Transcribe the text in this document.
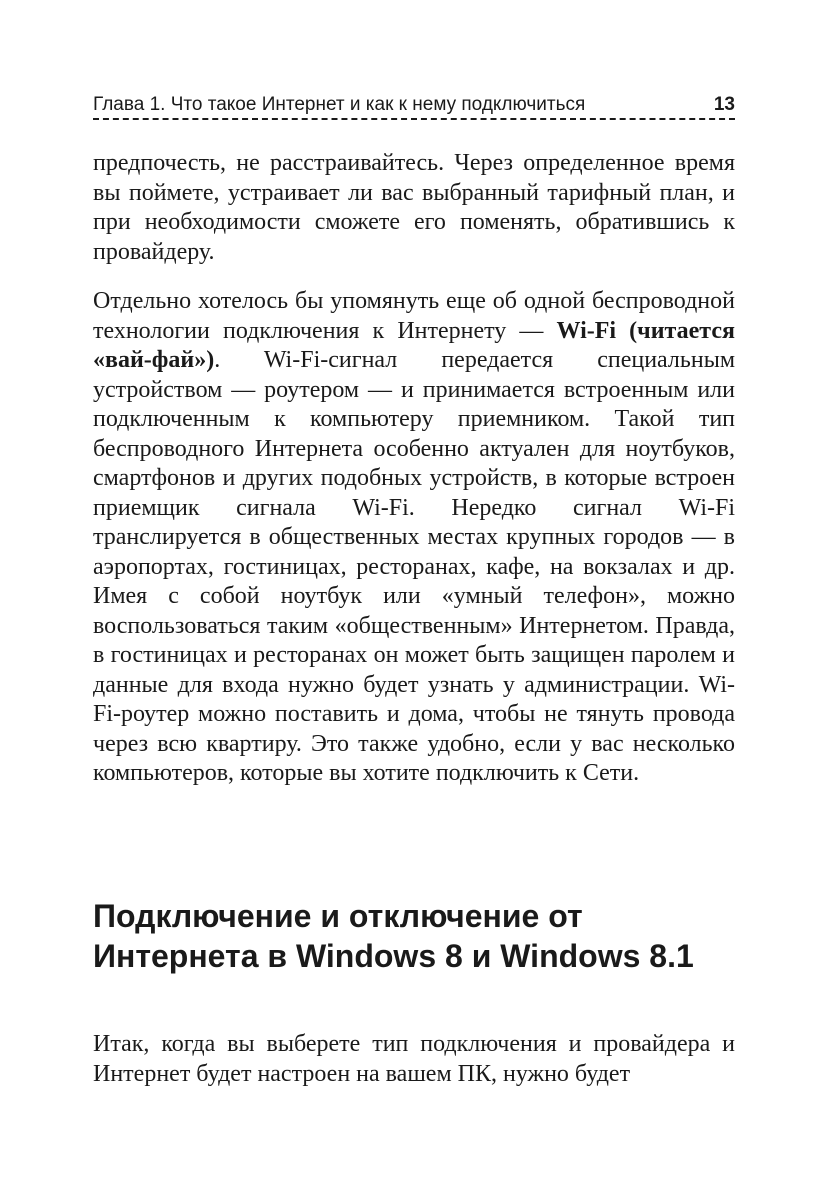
Глава 1. Что такое Интернет и как к нему подключиться	13

предпочесть, не расстраивайтесь. Через определенное время вы поймете, устраивает ли вас выбранный тарифный план, и при необходимости сможете его поменять, обратившись к провайдеру.

Отдельно хотелось бы упомянуть еще об одной беспроводной технологии подключения к Интернету — Wi-Fi (читается «вай-фай»). Wi-Fi-сигнал передается специальным устройством — роутером — и принимается встроенным или подключенным к компьютеру приемником. Такой тип беспроводного Интернета особенно актуален для ноутбуков, смартфонов и других подобных устройств, в которые встроен приемщик сигнала Wi-Fi. Нередко сигнал Wi-Fi транслируется в общественных местах крупных городов — в аэропортах, гостиницах, ресторанах, кафе, на вокзалах и др. Имея с собой ноутбук или «умный телефон», можно воспользоваться таким «общественным» Интернетом. Правда, в гостиницах и ресторанах он может быть защищен паролем и данные для входа нужно будет узнать у администрации. Wi-Fi-роутер можно поставить и дома, чтобы не тянуть провода через всю квартиру. Это также удобно, если у вас несколько компьютеров, которые вы хотите подключить к Сети.

Подключение и отключение от Интернета в Windows 8 и Windows 8.1

Итак, когда вы выберете тип подключения и провайдера и Интернет будет настроен на вашем ПК, нужно будет
